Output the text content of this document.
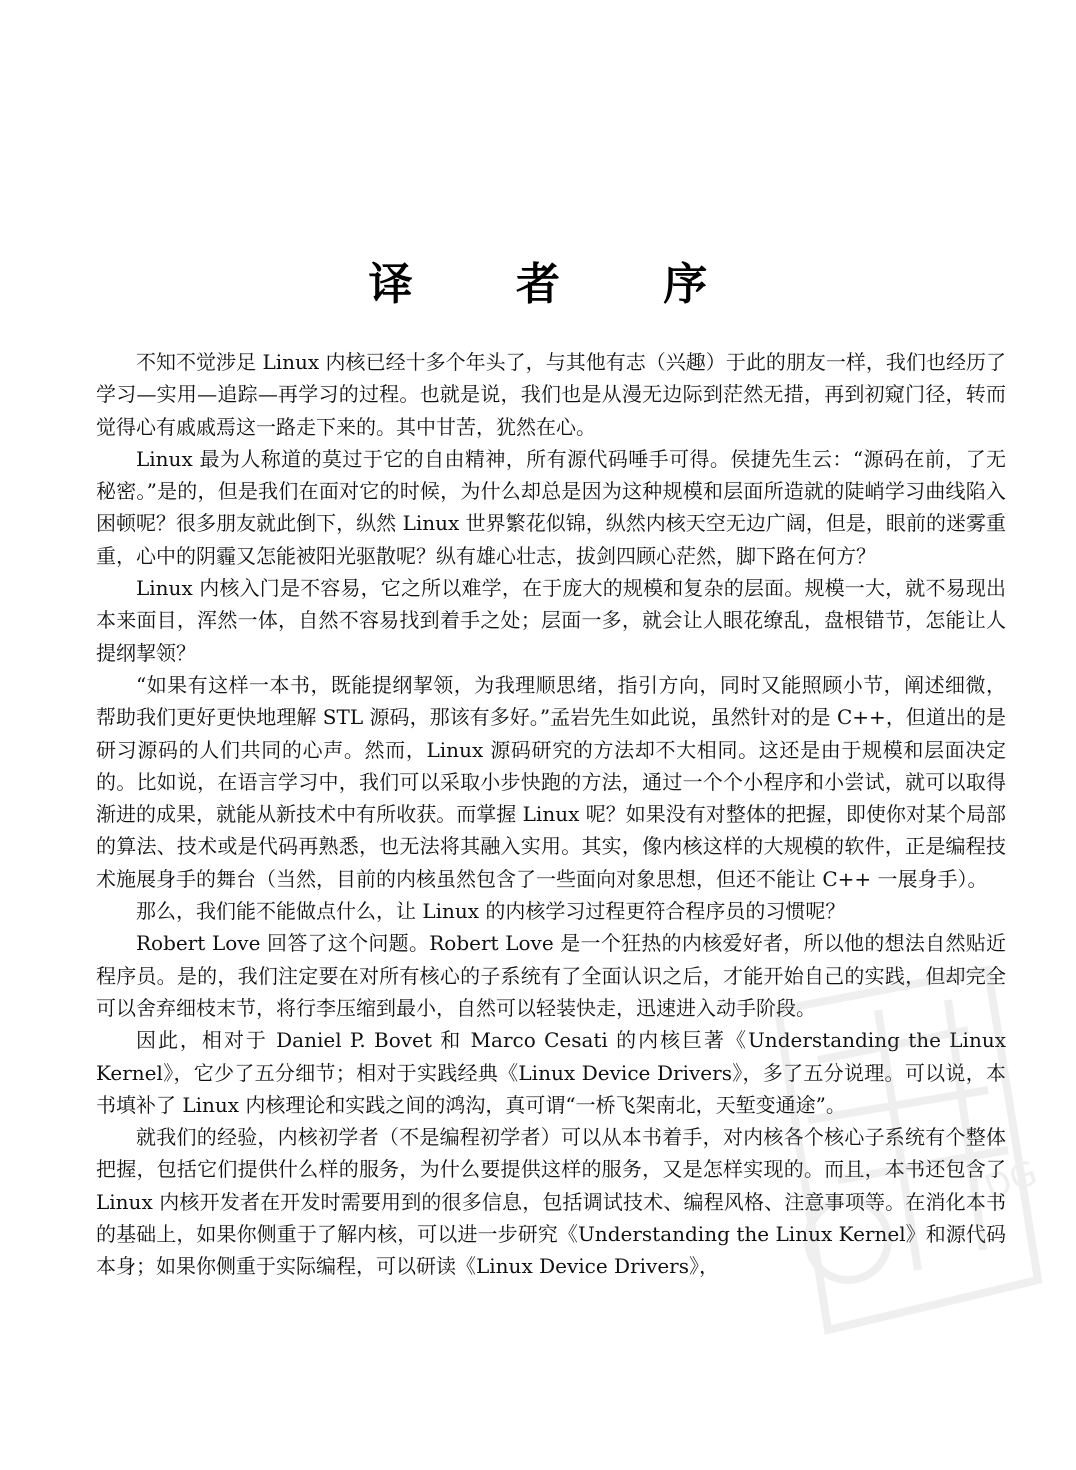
译 者 序

不知不觉涉足 Linux 内核已经十多个年头了，与其他有志（兴趣）于此的朋友一样，我们也经历了学习—实用—追踪—再学习的过程。也就是说，我们也是从漫无边际到茫然无措，再到初窥门径，转而觉得心有戚戚焉这一路走下来的。其中甘苦，犹然在心。

Linux 最为人称道的莫过于它的自由精神，所有源代码唾手可得。侯捷先生云：“源码在前，了无秘密。”是的，但是我们在面对它的时候，为什么却总是因为这种规模和层面所造就的陡峭学习曲线陷入困顿呢？很多朋友就此倒下，纵然 Linux 世界繁花似锦，纵然内核天空无边广阔，但是，眼前的迷雾重重，心中的阴霾又怎能被阳光驱散呢？纵有雄心壮志，拔剑四顾心茫然，脚下路在何方？

Linux 内核入门是不容易，它之所以难学，在于庞大的规模和复杂的层面。规模一大，就不易现出本来面目，浑然一体，自然不容易找到着手之处；层面一多，就会让人眼花缭乱，盘根错节，怎能让人提纲挈领？

“如果有这样一本书，既能提纲挈领，为我理顺思绪，指引方向，同时又能照顾小节，阐述细微，帮助我们更好更快地理解 STL 源码，那该有多好。”孟岩先生如此说，虽然针对的是 C++，但道出的是研习源码的人们共同的心声。然而，Linux 源码研究的方法却不大相同。这还是由于规模和层面决定的。比如说，在语言学习中，我们可以采取小步快跑的方法，通过一个个小程序和小尝试，就可以取得渐进的成果，就能从新技术中有所收获。而掌握 Linux 呢？如果没有对整体的把握，即使你对某个局部的算法、技术或是代码再熟悉，也无法将其融入实用。其实，像内核这样的大规模的软件，正是编程技术施展身手的舞台（当然，目前的内核虽然包含了一些面向对象思想，但还不能让 C++ 一展身手）。

那么，我们能不能做点什么，让 Linux 的内核学习过程更符合程序员的习惯呢？

Robert Love 回答了这个问题。Robert Love 是一个狂热的内核爱好者，所以他的想法自然贴近程序员。是的，我们注定要在对所有核心的子系统有了全面认识之后，才能开始自己的实践，但却完全可以舍弃细枝末节，将行李压缩到最小，自然可以轻装快走，迅速进入动手阶段。

因此，相对于 Daniel P. Bovet 和 Marco Cesati 的内核巨著《Understanding the Linux Kernel》，它少了五分细节；相对于实践经典《Linux Device Drivers》，多了五分说理。可以说，本书填补了 Linux 内核理论和实践之间的鸿沟，真可谓“一桥飞架南北，天堑变通途”。

就我们的经验，内核初学者（不是编程初学者）可以从本书着手，对内核各个核心子系统有个整体把握，包括它们提供什么样的服务，为什么要提供这样的服务，又是怎样实现的。而且，本书还包含了 Linux 内核开发者在开发时需要用到的很多信息，包括调试技术、编程风格、注意事项等。在消化本书的基础上，如果你侧重于了解内核，可以进一步研究《Understanding the Linux Kernel》和源代码本身；如果你侧重于实际编程，可以研读《Linux Device Drivers》，

DG
